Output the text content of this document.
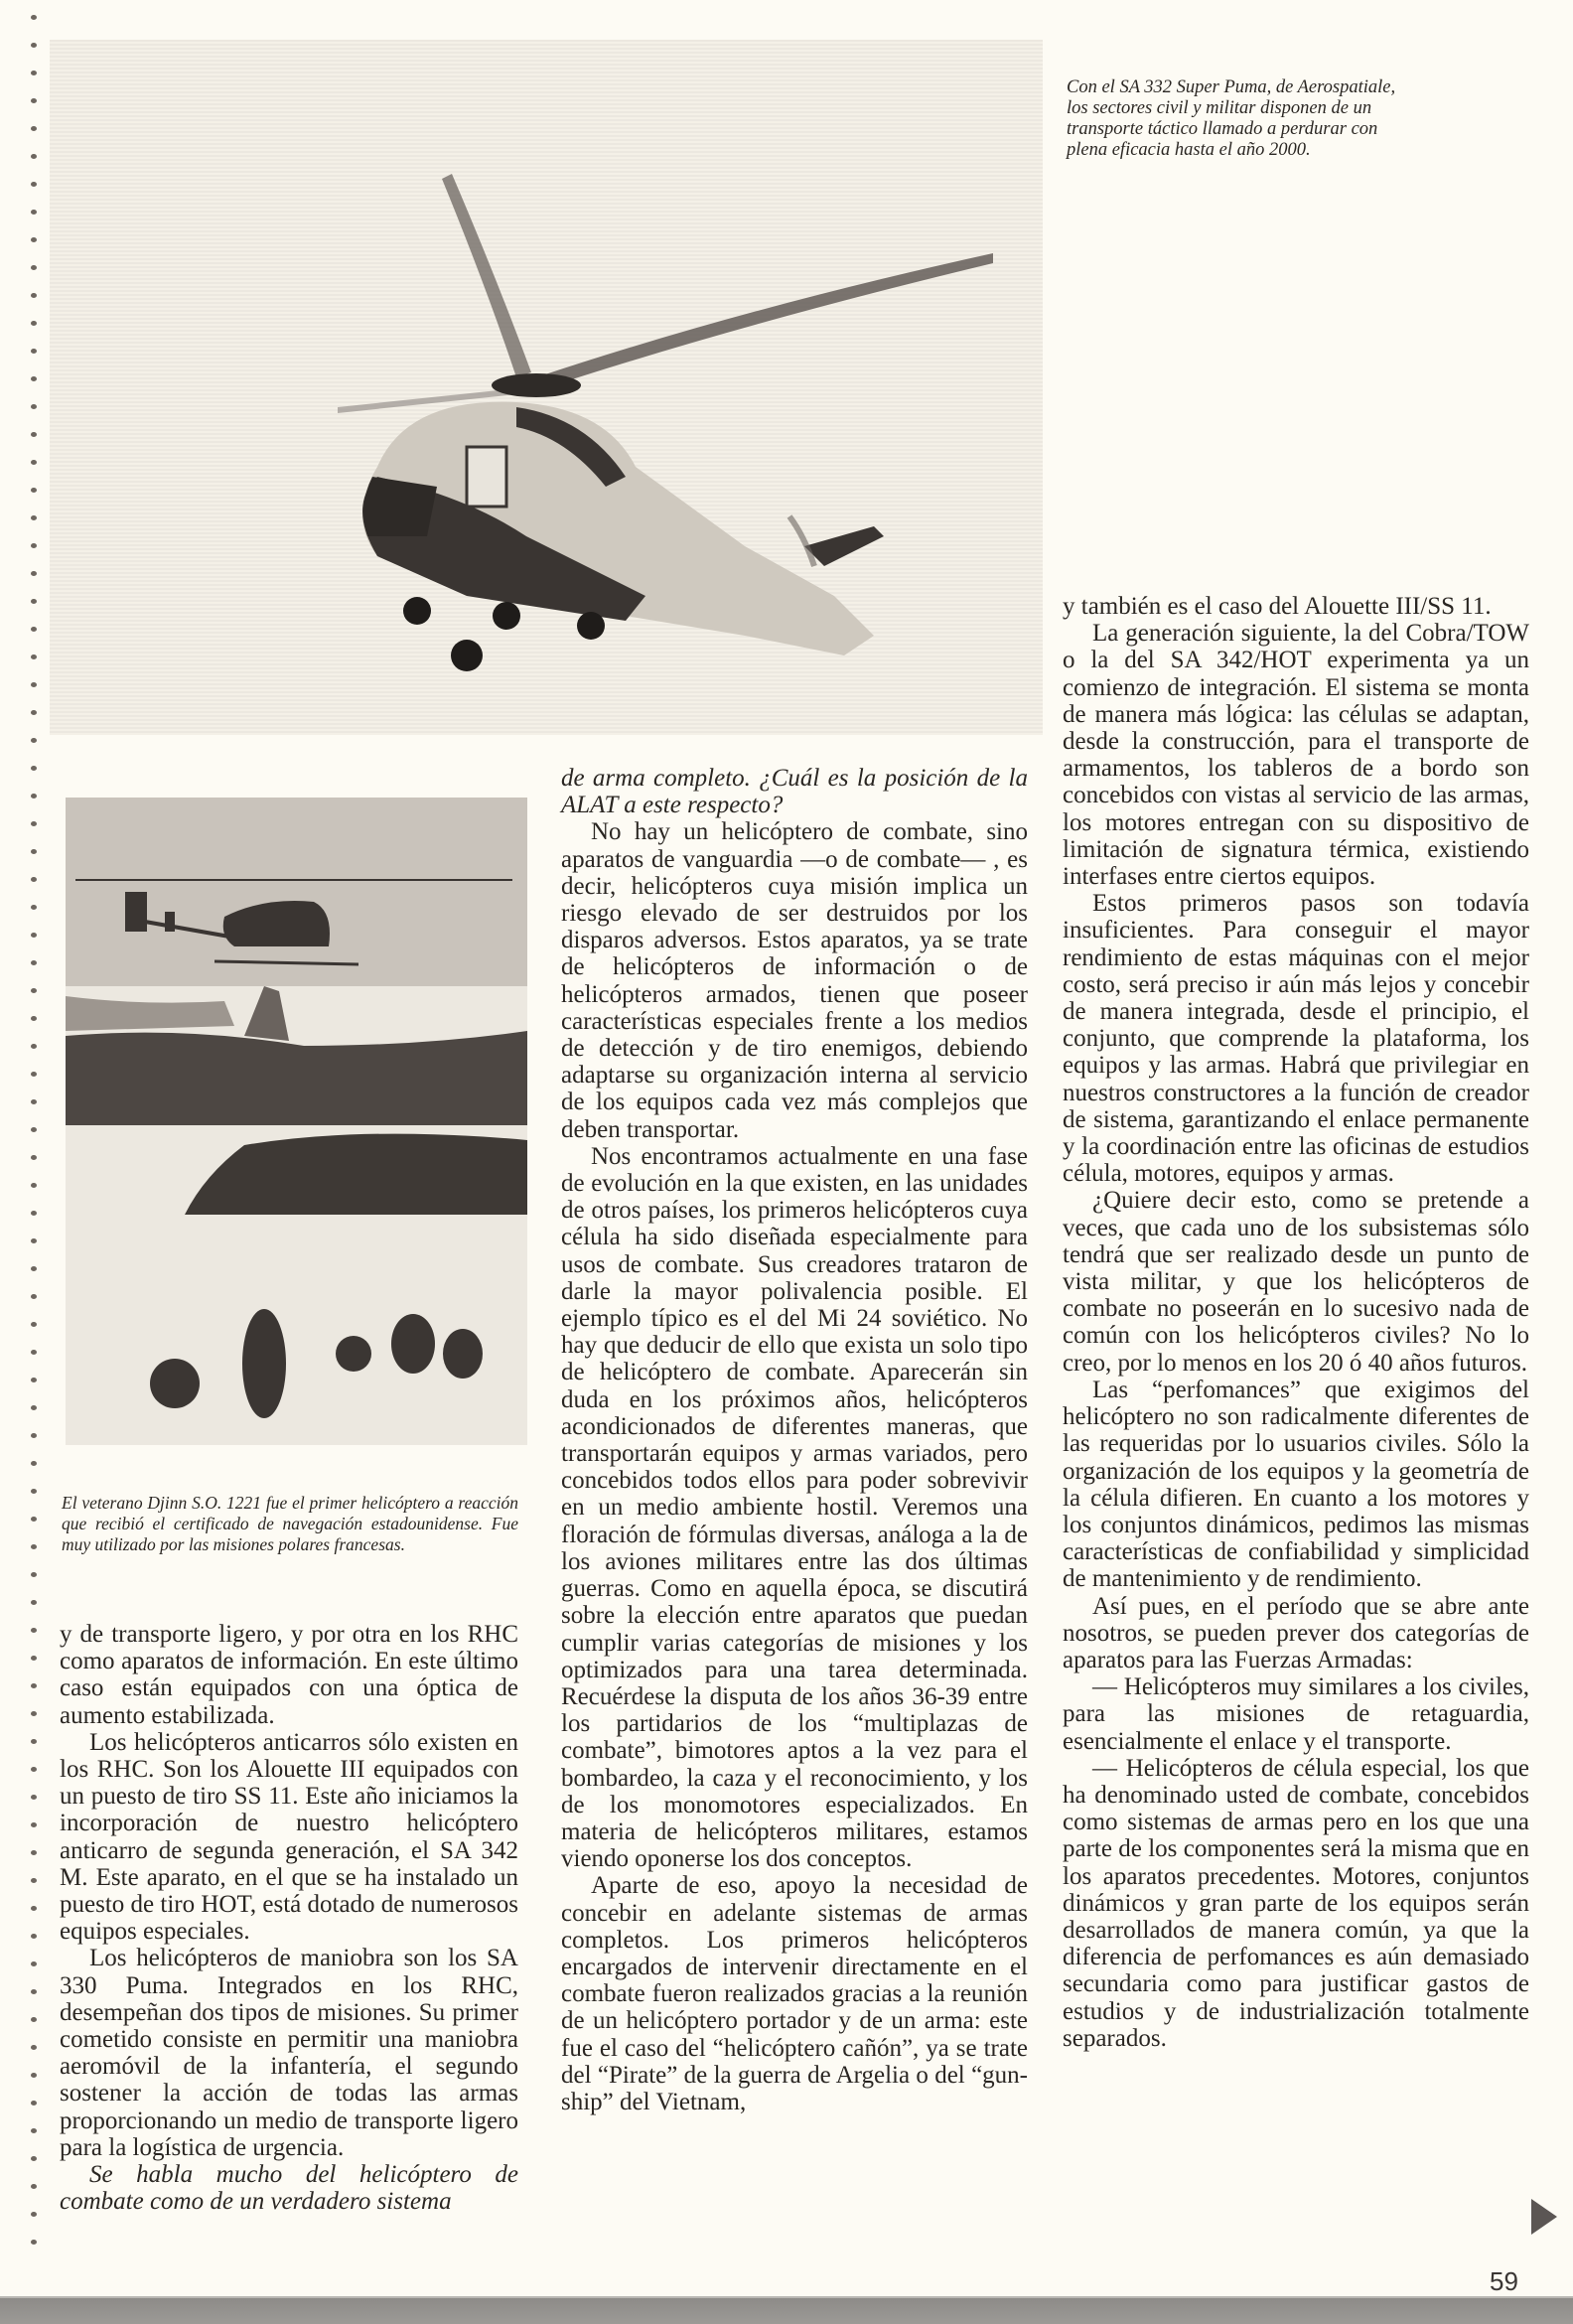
Con el SA 332 Super Puma, de Aerospatiale, los sectores civil y militar disponen de un transporte táctico llamado a perdurar con plena eficacia hasta el año 2000.
El veterano Djinn S.O. 1221 fue el primer helicóptero a reacción que recibió el certificado de navegación estadounidense. Fue muy utilizado por las misiones polares francesas.

y de transporte ligero, y por otra en los RHC como aparatos de información. En este último caso están equipados con una óptica de aumento estabilizada.

Los helicópteros anticarros sólo existen en los RHC. Son los Alouette III equipados con un puesto de tiro SS 11. Este año iniciamos la incorporación de nuestro helicóptero anticarro de segunda generación, el SA 342 M. Este aparato, en el que se ha instalado un puesto de tiro HOT, está dotado de numerosos equipos especiales.

Los helicópteros de maniobra son los SA 330 Puma. Integrados en los RHC, desempeñan dos tipos de misiones. Su primer cometido consiste en permitir una maniobra aeromóvil de la infantería, el segundo sostener la acción de todas las armas proporcionando un medio de transporte ligero para la logística de urgencia.

Se habla mucho del helicóptero de combate como de un verdadero sistema

de arma completo. ¿Cuál es la posición de la ALAT a este respecto?

No hay un helicóptero de combate, sino aparatos de vanguardia —o de combate— , es decir, helicópteros cuya misión implica un riesgo elevado de ser destruidos por los disparos adversos. Estos aparatos, ya se trate de helicópteros de información o de helicópteros armados, tienen que poseer características especiales frente a los medios de detección y de tiro enemigos, debiendo adaptarse su organización interna al servicio de los equipos cada vez más complejos que deben transportar.

Nos encontramos actualmente en una fase de evolución en la que existen, en las unidades de otros países, los primeros helicópteros cuya célula ha sido diseñada especialmente para usos de combate. Sus creadores trataron de darle la mayor polivalencia posible. El ejemplo típico es el del Mi 24 soviético. No hay que deducir de ello que exista un solo tipo de helicóptero de combate. Aparecerán sin duda en los próximos años, helicópteros acondicionados de diferentes maneras, que transportarán equipos y armas variados, pero concebidos todos ellos para poder sobrevivir en un medio ambiente hostil. Veremos una floración de fórmulas diversas, análoga a la de los aviones militares entre las dos últimas guerras. Como en aquella época, se discutirá sobre la elección entre aparatos que puedan cumplir varias categorías de misiones y los optimizados para una tarea determinada. Recuérdese la disputa de los años 36-39 entre los partidarios de los “multiplazas de combate”, bimotores aptos a la vez para el bombardeo, la caza y el reconocimiento, y los de los monomotores especializados. En materia de helicópteros militares, estamos viendo oponerse los dos conceptos.

Aparte de eso, apoyo la necesidad de concebir en adelante sistemas de armas completos. Los primeros helicópteros encargados de intervenir directamente en el combate fueron realizados gracias a la reunión de un helicóptero portador y de un arma: este fue el caso del “helicóptero cañón”, ya se trate del “Pirate” de la guerra de Argelia o del “gun-ship” del Vietnam,

y también es el caso del Alouette III/SS 11.

La generación siguiente, la del Cobra/TOW o la del SA 342/HOT experimenta ya un comienzo de integración. El sistema se monta de manera más lógica: las células se adaptan, desde la construcción, para el transporte de armamentos, los tableros de a bordo son concebidos con vistas al servicio de las armas, los motores entregan con su dispositivo de limitación de signatura térmica, existiendo interfases entre ciertos equipos.

Estos primeros pasos son todavía insuficientes. Para conseguir el mayor rendimiento de estas máquinas con el mejor costo, será preciso ir aún más lejos y concebir de manera integrada, desde el principio, el conjunto, que comprende la plataforma, los equipos y las armas. Habrá que privilegiar en nuestros constructores a la función de creador de sistema, garantizando el enlace permanente y la coordinación entre las oficinas de estudios célula, motores, equipos y armas.

¿Quiere decir esto, como se pretende a veces, que cada uno de los subsistemas sólo tendrá que ser realizado desde un punto de vista militar, y que los helicópteros de combate no poseerán en lo sucesivo nada de común con los helicópteros civiles? No lo creo, por lo menos en los 20 ó 40 años futuros.

Las “perfomances” que exigimos del helicóptero no son radicalmente diferentes de las requeridas por lo usuarios civiles. Sólo la organización de los equipos y la geometría de la célula difieren. En cuanto a los motores y los conjuntos dinámicos, pedimos las mismas características de confiabilidad y simplicidad de mantenimiento y de rendimiento.

Así pues, en el período que se abre ante nosotros, se pueden prever dos categorías de aparatos para las Fuerzas Armadas:

— Helicópteros muy similares a los civiles, para las misiones de retaguardia, esencialmente el enlace y el transporte.

— Helicópteros de célula especial, los que ha denominado usted de combate, concebidos como sistemas de armas pero en los que una parte de los componentes será la misma que en los aparatos precedentes. Motores, conjuntos dinámicos y gran parte de los equipos serán desarrollados de manera común, ya que la diferencia de perfomances es aún demasiado secundaria como para justificar gastos de estudios y de industrialización totalmente separados.

59
